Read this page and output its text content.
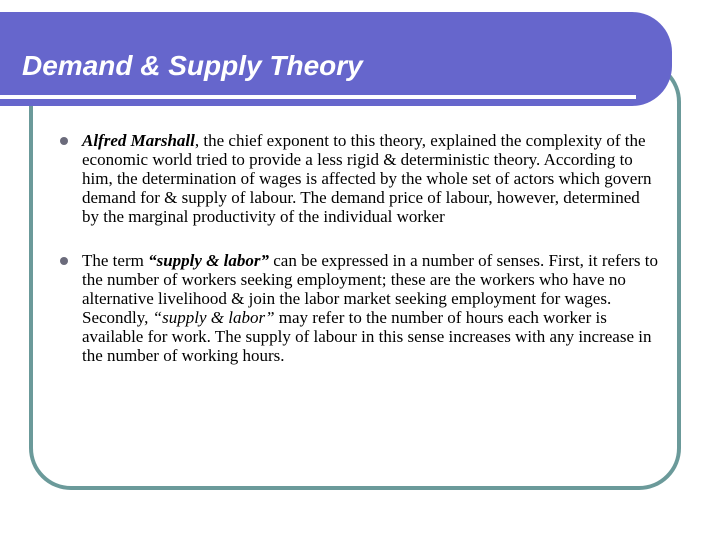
Demand & Supply Theory
Alfred Marshall, the chief exponent to this theory, explained the complexity of the economic world tried to provide a less rigid & deterministic theory. According to him, the determination of wages is affected by the whole set of actors which govern demand for & supply of labour. The demand price of labour, however, determined by the marginal productivity of the individual worker
The term “supply & labor” can be expressed in a number of senses. First, it refers to the number of workers seeking employment; these are the workers who have no alternative livelihood & join the labor market seeking employment for wages. Secondly, “supply & labor” may refer to the number of hours each worker is available for work. The supply of labour in this sense increases with any increase in the number of working hours.
